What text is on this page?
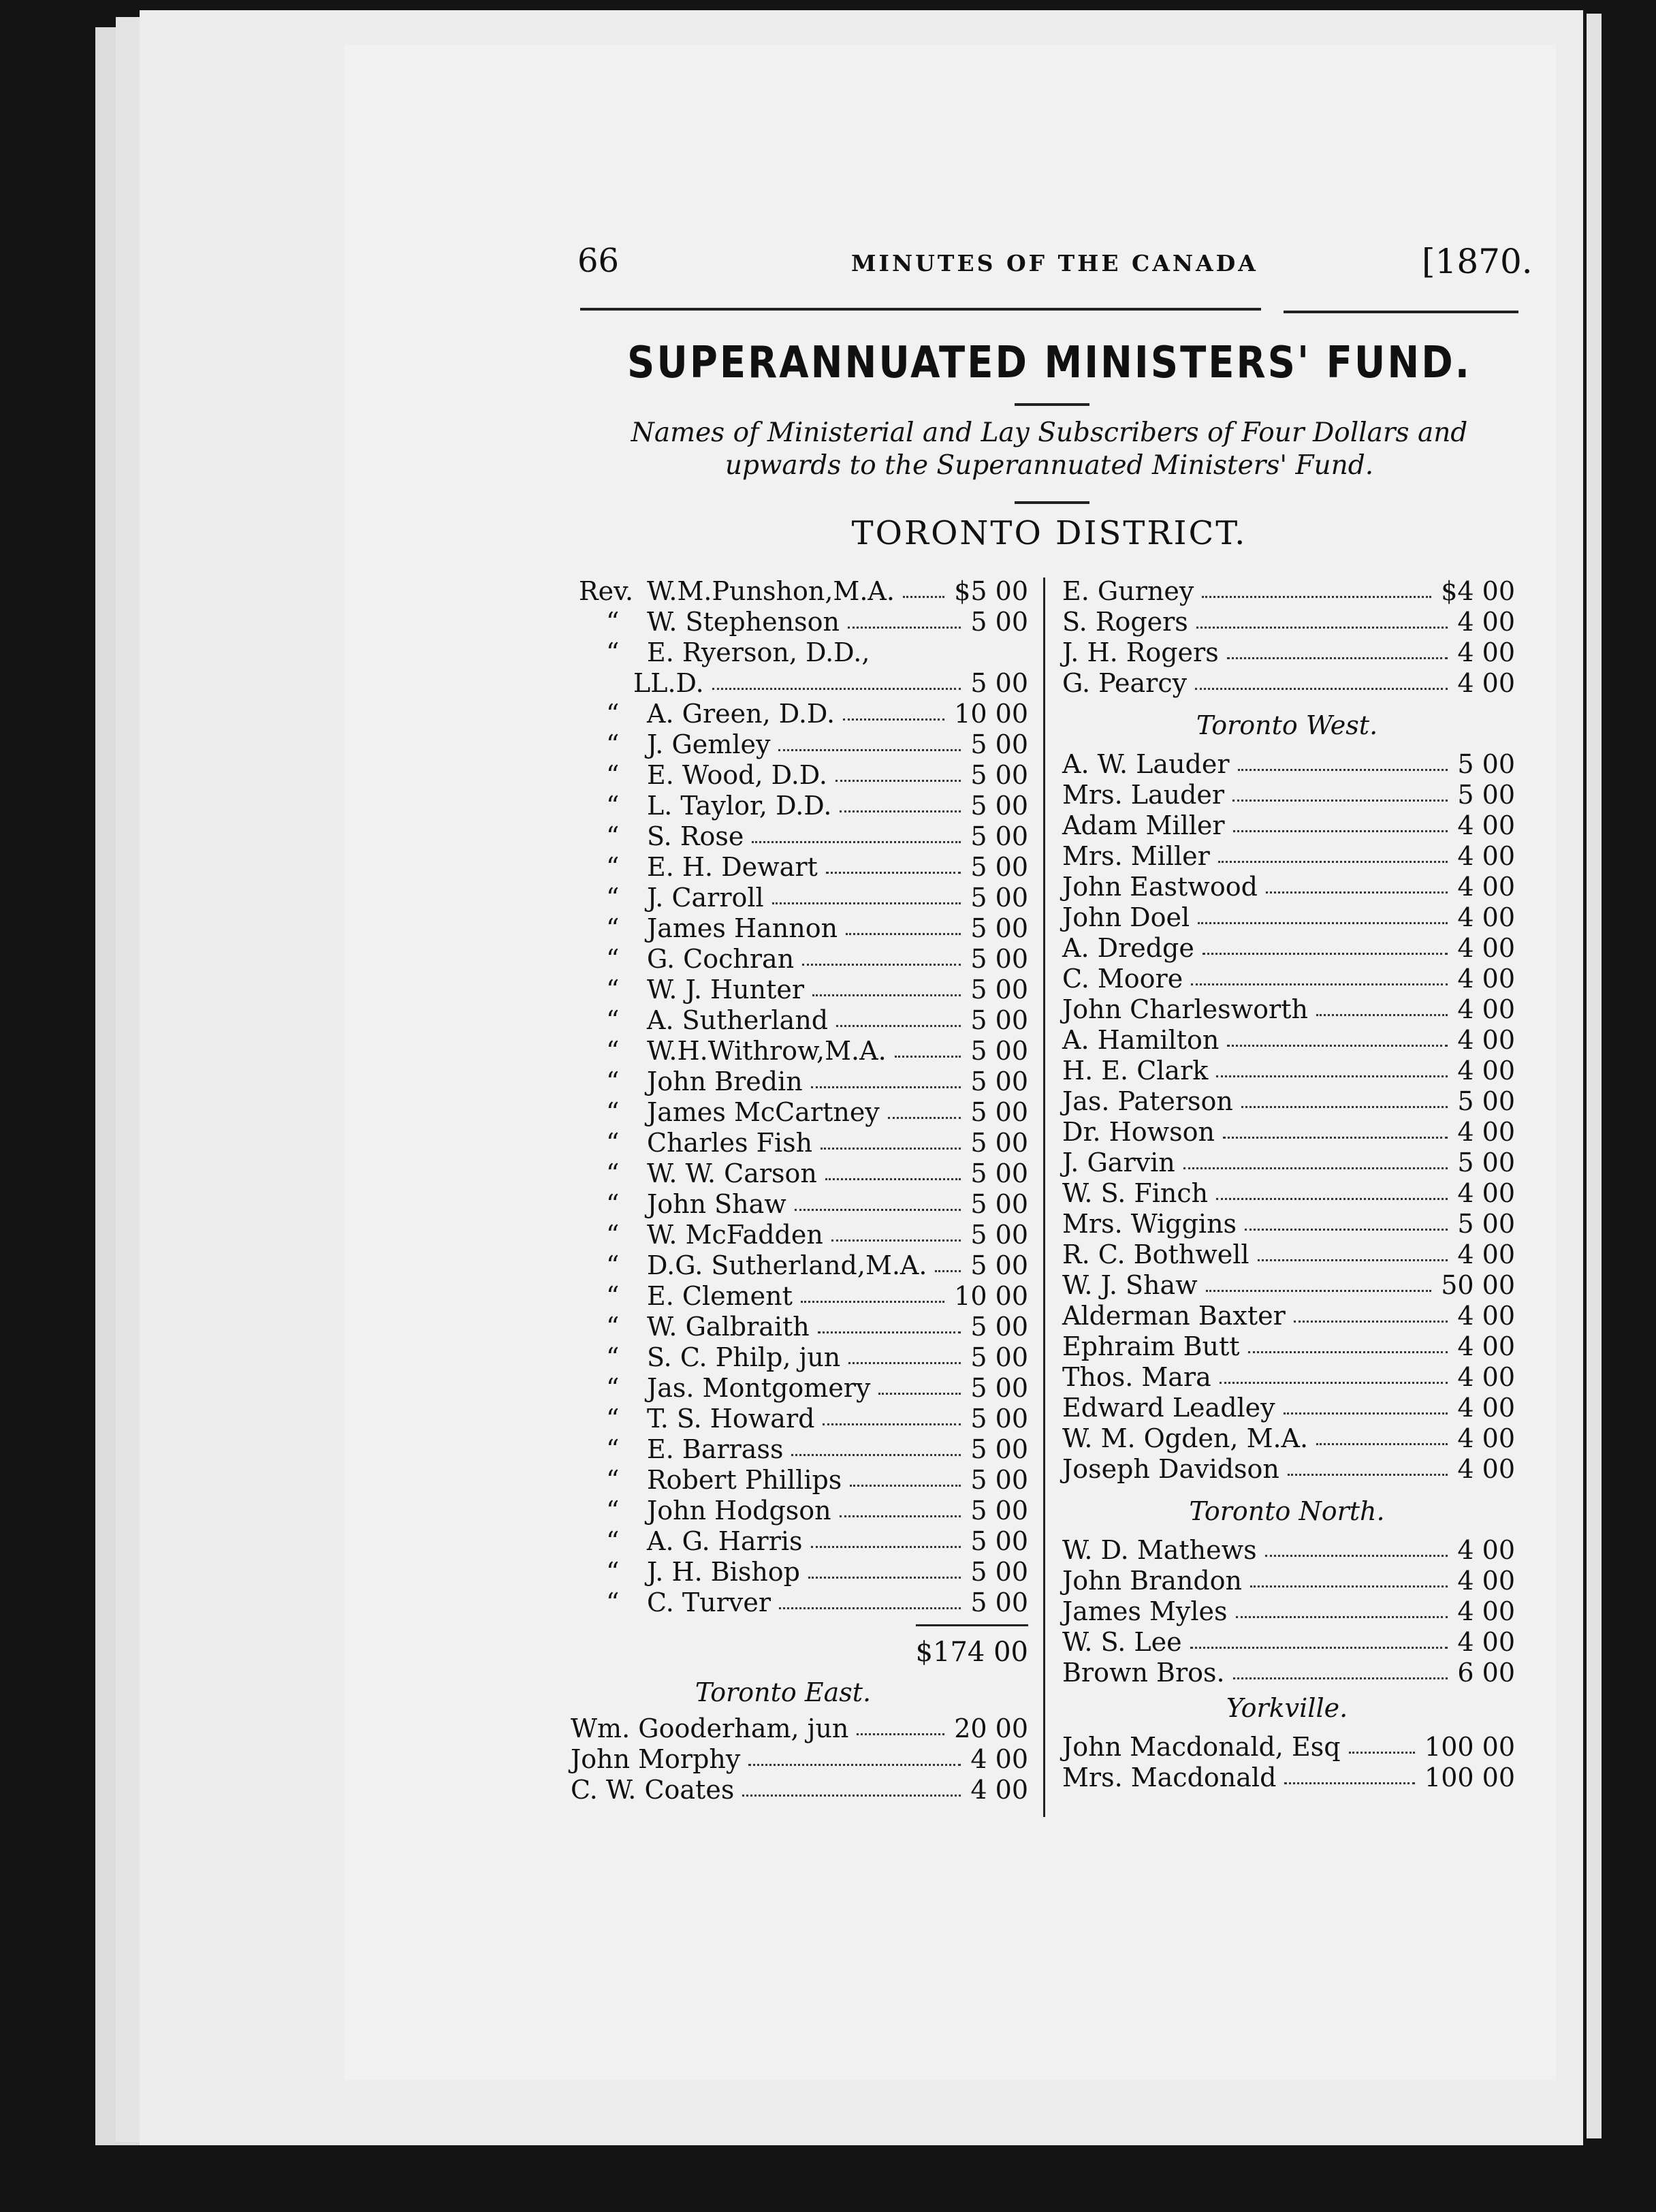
66	MINUTES OF THE CANADA	[1870.
SUPERANNUATED MINISTERS' FUND.
Names of Ministerial and Lay Subscribers of Four Dollars and
upwards to the Superannuated Ministers' Fund.
TORONTO DISTRICT.
Rev. W.M.Punshon,M.A. $5 00
“ W. Stephenson	5 00
“ E. Ryerson, D.D.,
LL.D.	5 00
“ A. Green, D.D.	10 00
“ J. Gemley	5 00
“ E. Wood, D.D.	5 00
“ L. Taylor, D.D.	5 00
“ S. Rose	5 00
“ E. H. Dewart	5 00
“ J. Carroll	5 00
“ James Hannon	5 00
“ G. Cochran	5 00
“ W. J. Hunter	5 00
“ A. Sutherland	5 00
“ W.H.Withrow,M.A.	5 00
“ John Bredin	5 00
“ James McCartney	5 00
“ Charles Fish	5 00
“ W. W. Carson	5 00
“ John Shaw	5 00
“ W. McFadden	5 00
“ D.G. Sutherland,M.A. 5 00
“ E. Clement	10 00
“ W. Galbraith	5 00
“ S. C. Philp, jun	5 00
“ Jas. Montgomery	5 00
“ T. S. Howard	5 00
“ E. Barrass	5 00
“ Robert Phillips	5 00
“ John Hodgson	5 00
“ A. G. Harris	5 00
“ J. H. Bishop	5 00
“ C. Turver	5 00
$174 00
Toronto East.
Wm. Gooderham, jun	20 00
John Morphy	4 00
C. W. Coates	4 00
E. Gurney	$4 00
S. Rogers	4 00
J. H. Rogers	4 00
G. Pearcy	4 00
Toronto West.
A. W. Lauder	5 00
Mrs. Lauder	5 00
Adam Miller	4 00
Mrs. Miller	4 00
John Eastwood	4 00
John Doel	4 00
A. Dredge	4 00
C. Moore	4 00
John Charlesworth	4 00
A. Hamilton	4 00
H. E. Clark	4 00
Jas. Paterson	5 00
Dr. Howson	4 00
J. Garvin	5 00
W. S. Finch	4 00
Mrs. Wiggins	5 00
R. C. Bothwell	4 00
W. J. Shaw	50 00
Alderman Baxter	4 00
Ephraim Butt	4 00
Thos. Mara	4 00
Edward Leadley	4 00
W. M. Ogden, M.A.	4 00
Joseph Davidson	4 00
Toronto North.
W. D. Mathews	4 00
John Brandon	4 00
James Myles	4 00
W. S. Lee	4 00
Brown Bros.	6 00
Yorkville.
John Macdonald, Esq	100 00
Mrs. Macdonald	100 00
